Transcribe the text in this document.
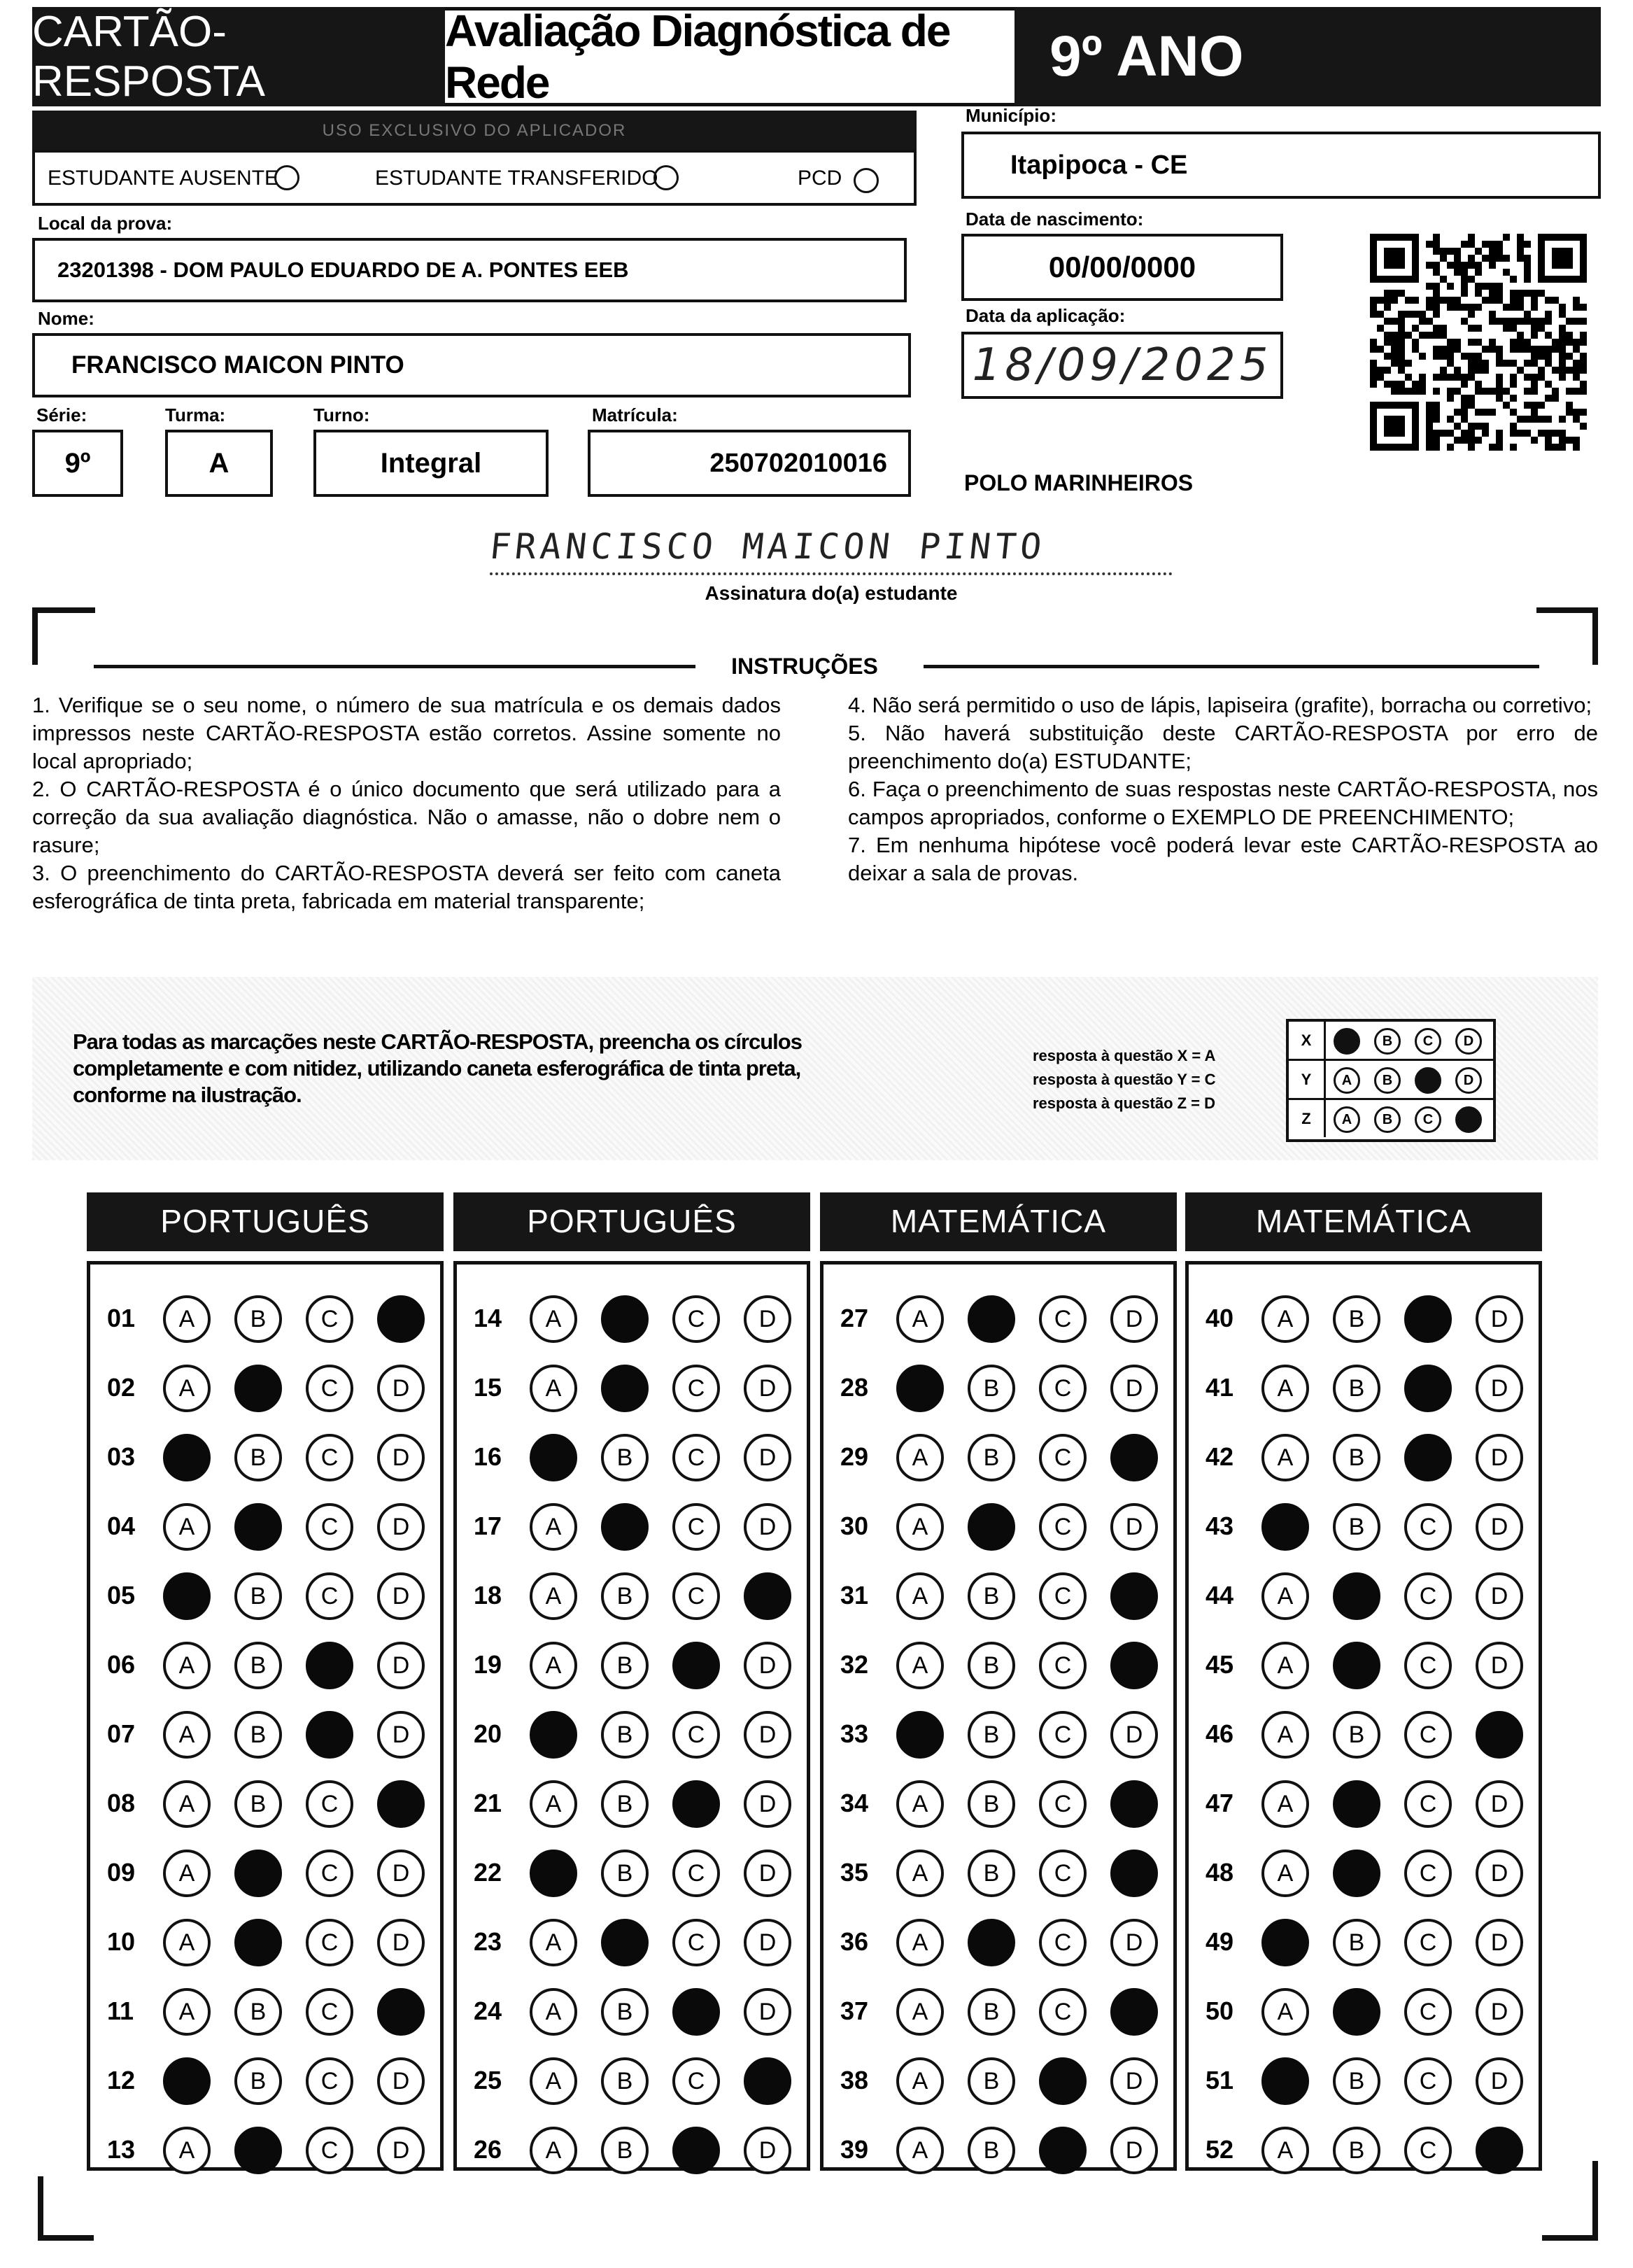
CARTÃO-RESPOSTA
Avaliação Diagnóstica de Rede	9º ANO
USO EXCLUSIVO DO APLICADOR
ESTUDANTE AUSENTE	ESTUDANTE TRANSFERIDO	PCD
Local da prova:
23201398 - DOM PAULO EDUARDO DE A. PONTES EEB
Nome:
FRANCISCO MAICON PINTO
Série:
9º
Turma:
A
Turno:
Integral
Matrícula:
250702010016
Município:
Itapipoca - CE
Data de nascimento:
00/00/0000
Data da aplicação:
18/09/2025
POLO MARINHEIROS
FRANCISCO MAICON PINTO
Assinatura do(a) estudante
INSTRUÇÕES

1. Verifique se o seu nome, o número de sua matrícula e os demais dados impressos neste CARTÃO-RESPOSTA estão corretos. Assine somente no local apropriado;

2. O CARTÃO-RESPOSTA é o único documento que será utilizado para a correção da sua avaliação diagnóstica. Não o amasse, não o dobre nem o rasure;

3. O preenchimento do CARTÃO-RESPOSTA deverá ser feito com caneta esferográfica de tinta preta, fabricada em material transparente;

4. Não será permitido o uso de lápis, lapiseira (grafite), borracha ou corretivo;

5. Não haverá substituição deste CARTÃO-RESPOSTA por erro de preenchimento do(a) ESTUDANTE;

6. Faça o preenchimento de suas respostas neste CARTÃO-RESPOSTA, nos campos apropriados, conforme o EXEMPLO DE PREENCHIMENTO;

7. Em nenhuma hipótese você poderá levar este CARTÃO-RESPOSTA ao deixar a sala de provas.

Para todas as marcações neste CARTÃO-RESPOSTA, preencha os círculos completamente e com nitidez, utilizando caneta esferográfica de tinta preta, conforme na ilustração.
resposta à questão X = A
resposta à questão Y = C
resposta à questão Z = D
X	A	B	C	D
Y	A	B	C	D
Z	A	B	C	D
PORTUGUÊS
01	A	B	C	D
02	A	B	C	D
03	A	B	C	D
04	A	B	C	D
05	A	B	C	D
06	A	B	C	D
07	A	B	C	D
08	A	B	C	D
09	A	B	C	D
10	A	B	C	D
11	A	B	C	D
12	A	B	C	D
13	A	B	C	D
PORTUGUÊS
14	A	B	C	D
15	A	B	C	D
16	A	B	C	D
17	A	B	C	D
18	A	B	C	D
19	A	B	C	D
20	A	B	C	D
21	A	B	C	D
22	A	B	C	D
23	A	B	C	D
24	A	B	C	D
25	A	B	C	D
26	A	B	C	D
MATEMÁTICA
27	A	B	C	D
28	A	B	C	D
29	A	B	C	D
30	A	B	C	D
31	A	B	C	D
32	A	B	C	D
33	A	B	C	D
34	A	B	C	D
35	A	B	C	D
36	A	B	C	D
37	A	B	C	D
38	A	B	C	D
39	A	B	C	D
MATEMÁTICA
40	A	B	C	D
41	A	B	C	D
42	A	B	C	D
43	A	B	C	D
44	A	B	C	D
45	A	B	C	D
46	A	B	C	D
47	A	B	C	D
48	A	B	C	D
49	A	B	C	D
50	A	B	C	D
51	A	B	C	D
52	A	B	C	D
